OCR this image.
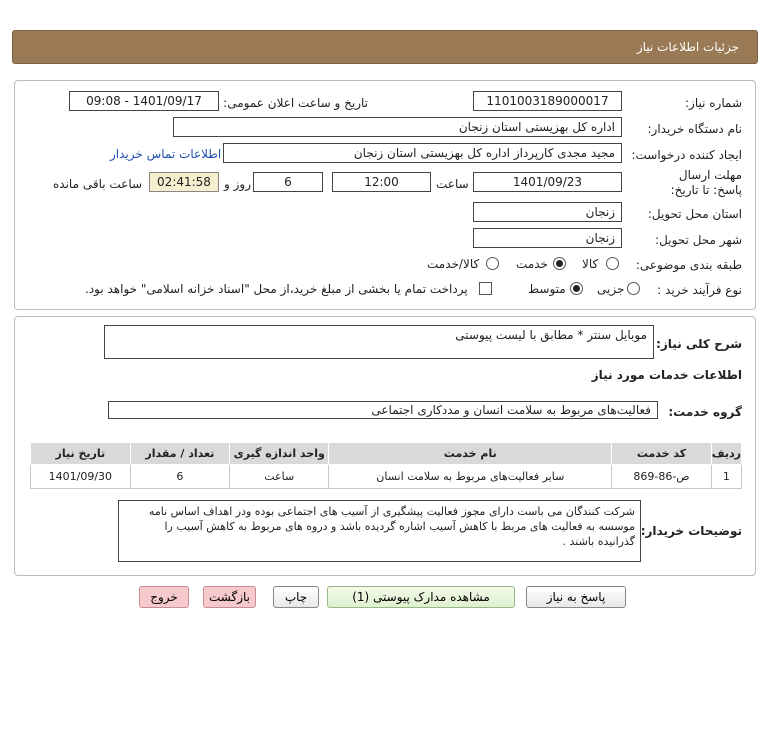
جزئیات اطلاعات نیاز
شماره نیاز:
1101003189000017
تاریخ و ساعت اعلان عمومی:
1401/09/17 - 09:08
نام دستگاه خریدار:
اداره کل بهزیستی استان زنجان
ایجاد کننده درخواست:
مجید مجدی کارپرداز اداره کل بهزیستی استان زنجان
اطلاعات تماس خریدار
مهلت ارسال پاسخ: تا تاریخ:
1401/09/23
ساعت
12:00
6
روز و
02:41:58
ساعت باقی مانده
استان محل تحویل:
زنجان
شهر محل تحویل:
زنجان
طبقه بندی موضوعی:
کالا
خدمت
کالا/خدمت
نوع فرآیند خرید :
جزیی
متوسط
پرداخت تمام یا بخشی از مبلغ خرید،از محل "اسناد خزانه اسلامی" خواهد بود.
شرح کلی نیاز:
موبایل سنتر * مطابق با لیست پیوستی
اطلاعات خدمات مورد نیاز
گروه خدمت:
فعالیت‌های مربوط به سلامت انسان و مددکاری اجتماعی
ردیف	کد خدمت	نام خدمت	واحد اندازه گیری	تعداد / مقدار	تاریخ نیاز
1	ص-86-869	سایر فعالیت‌های مربوط به سلامت انسان	ساعت	6	1401/09/30
توضیحات خریدار:
شرکت کنندگان می باست دارای مجوز فعالیت پیشگیری از آسیب های اجتماعی بوده ودر اهداف اساس نامه موسسه به فعالیت های مربط با کاهش آسیب اشاره گردیده باشد و دروه های مربوط به کاهش آسیب را گذرانیده باشند .
پاسخ به نیاز
مشاهده مدارک پیوستی (1)
چاپ
بازگشت
خروج
